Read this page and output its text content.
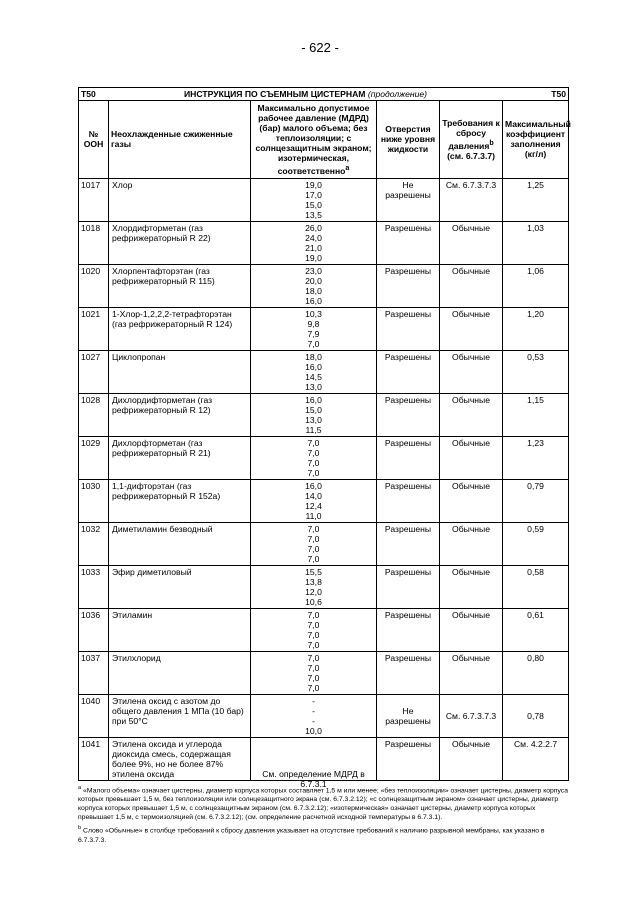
- 622 -
T50	ИНСТРУКЦИЯ ПО СЪЕМНЫМ ЦИСТЕРНАМ (продолжение)				T50
№ ООН	Неохлажденные сжиженные газы	Максимально допустимое рабочее давление (МДРД) (бар) малого объема; без теплоизоляции; с солнцезащитным экраном; изотермическая, соответственно$^a$	Отверстия ниже уровня жидкости	Требования к сбросу давления$^b$ (см. 6.7.3.7)	Максимальный коэффициент заполнения (кг/л)
1017	Хлор	19,0
17,0
15,0
13,5	Не разрешены	См. 6.7.3.7.3	1,25
1018	Хлордифторметан (газ рефрижераторный R 22)	26,0
24,0
21,0
19,0	Разрешены	Обычные	1,03
1020	Хлорпентафторэтан (газ рефрижераторный R 115)	23,0
20,0
18,0
16,0	Разрешены	Обычные	1,06
1021	1-Хлор-1,2,2,2-тетрафторэтан (газ рефрижераторный R 124)	10,3
9,8
7,9
7,0	Разрешены	Обычные	1,20
1027	Циклопропан	18,0
16,0
14,5
13,0	Разрешены	Обычные	0,53
1028	Дихлордифторметан (газ рефрижераторный R 12)	16,0
15,0
13,0
11,5	Разрешены	Обычные	1,15
1029	Дихлорфторметан (газ рефрижераторный R 21)	7,0
7,0
7,0
7,0	Разрешены	Обычные	1,23
1030	1,1-дифторэтан (газ рефрижераторный R 152a)	16,0
14,0
12,4
11,0	Разрешены	Обычные	0,79
1032	Диметиламин безводный	7,0
7,0
7,0
7,0	Разрешены	Обычные	0,59
1033	Эфир диметиловый	15,5
13,8
12,0
10,6	Разрешены	Обычные	0,58
1036	Этиламин	7,0
7,0
7,0
7,0	Разрешены	Обычные	0,61
1037	Этилхлорид	7,0
7,0
7,0
7,0	Разрешены	Обычные	0,80
1040	Этилена оксид с азотом до общего давления 1 МПа (10 бар) при 50°С	-
-
-
10,0	Не разрешены	См. 6.7.3.7.3	0,78
1041	Этилена оксида и углерода диоксида смесь, содержащая более 9%, но не более 87% этилена оксида	См. определение МДРД в 6.7.3.1	Разрешены	Обычные	См. 4.2.2.7
$^a$ «Малого объема» означает цистерны, диаметр корпуса которых составляет 1,5 м или менее; «без теплоизоляции» означает цистерны, диаметр корпуса которых превышает 1,5 м, без теплоизоляции или солнцезащитного экрана (см. 6.7.3.2.12); «с солнцезащитным экраном» означает цистерны, диаметр корпуса которых превышает 1,5 м, с солнцезащитным экраном (см. 6.7.3.2.12); «изотермическая» означает цистерны, диаметр корпуса которых превышает 1,5 м, с термоизоляцией (см. 6.7.3.2.12); (см. определение расчетной исходной температуры в 6.7.3.1).
$^b$ Слово «Обычные» в столбце требований к сбросу давления указывает на отсутствие требований к наличию разрывной мембраны, как указано в 6.7.3.7.3.
